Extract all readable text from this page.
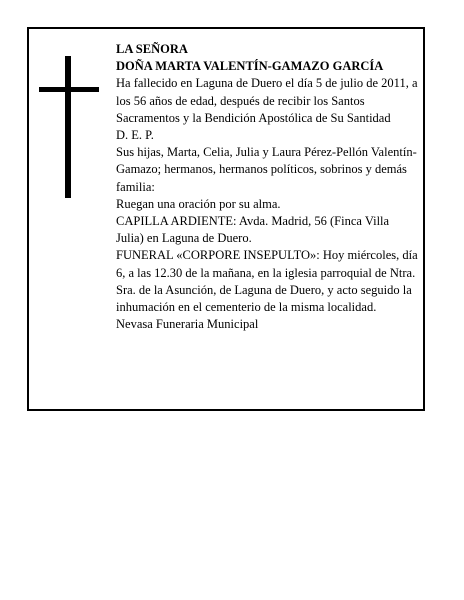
LA SEÑORA

DOÑA MARTA VALENTÍN-GAMAZO GARCÍA

Ha fallecido en Laguna de Duero el día 5 de julio de 2011, a los 56 años de edad, después de recibir los Santos Sacramentos y la Bendición Apostólica de Su Santidad

D. E. P.

Sus hijas, Marta, Celia, Julia y Laura Pérez-Pellón Valentín-Gamazo; hermanos, hermanos políticos, sobrinos y demás familia:

Ruegan una oración por su alma.

CAPILLA ARDIENTE: Avda. Madrid, 56 (Finca Villa Julia) en Laguna de Duero.

FUNERAL «CORPORE INSEPULTO»: Hoy miércoles, día 6, a las 12.30 de la mañana, en la iglesia parroquial de Ntra. Sra. de la Asunción, de Laguna de Duero, y acto seguido la inhumación en el cementerio de la misma localidad.

Nevasa Funeraria Municipal
